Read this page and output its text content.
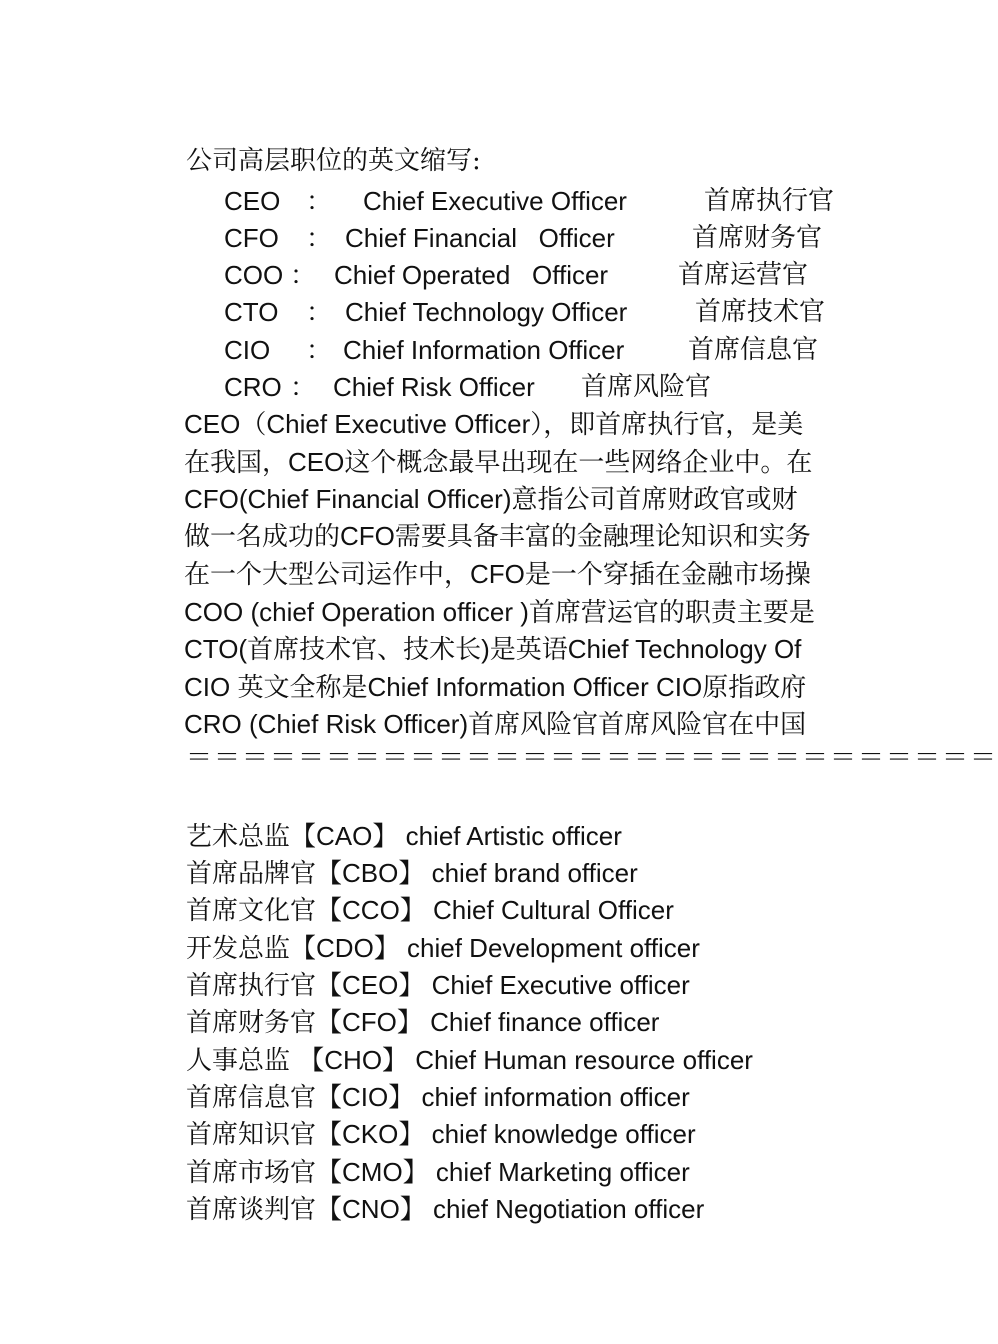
公司高层职位的英文缩写:
CEO ： Chief Executive Officer	首席执行官
CFO ： Chief Financial   Officer	首席财务官
COO ： Chief Operated   Officer	首席运营官
CTO ： Chief Technology Officer	首席技术官
CIO ： Chief Information Officer 首席信息官
CRO ： Chief Risk Officer 首席风险官
CEO（Chief Executive Officer），即首席执行官，是美
在我国，CEO这个概念最早出现在一些网络企业中。在
CFO(Chief Financial Officer)意指公司首席财政官或财
做一名成功的CFO需要具备丰富的金融理论知识和实务
在一个大型公司运作中，CFO是一个穿插在金融市场操
COO (chief Operation officer )首席营运官的职责主要是
CTO(首席技术官、技术长)是英语Chief Technology Of
CIO 英文全称是Chief Information Officer CIO原指政府
CRO (Chief Risk Officer)首席风险官首席风险官在中国
＝＝＝＝＝＝＝＝＝＝＝＝＝＝＝＝＝＝＝＝＝＝＝＝＝＝＝＝＝
艺术总监【CAO】 chief Artistic officer
首席品牌官【CBO】 chief brand officer
首席文化官【CCO】 Chief Cultural Officer
开发总监【CDO】 chief Development officer
首席执行官【CEO】 Chief Executive officer
首席财务官【CFO】 Chief finance officer
人事总监 【CHO】 Chief Human resource officer
首席信息官【CIO】 chief information officer
首席知识官【CKO】 chief knowledge officer
首席市场官【CMO】 chief Marketing officer
首席谈判官【CNO】 chief Negotiation officer
